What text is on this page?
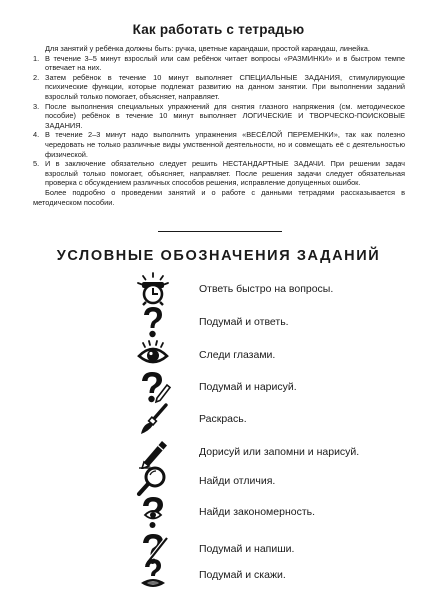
Как работать с тетрадью

Для занятий у ребёнка должны быть: ручка, цветные карандаши, простой карандаш, линейка.

1. В течение 3–5 минут взрослый или сам ребёнок читает вопросы «РАЗМИНКИ» и в быстром темпе отвечает на них.
2. Затем ребёнок в течение 10 минут выполняет СПЕЦИАЛЬНЫЕ ЗАДАНИЯ, стимулирующие психические функции, которые подлежат развитию на данном занятии. При выполнении заданий взрослый только помогает, объясняет, направляет.
3. После выполнения специальных упражнений для снятия глазного напряжения (см. методическое пособие) ребёнок в течение 10 минут выполняет ЛОГИЧЕСКИЕ И ТВОРЧЕСКО-ПОИСКОВЫЕ ЗАДАНИЯ.
4. В течение 2–3 минут надо выполнить упражнения «ВЕСЁЛОЙ ПЕРЕМЕНКИ», так как полезно чередовать не только различные виды умственной деятельности, но и совмещать её с деятельностью физической.
5. И в заключение обязательно следует решить НЕСТАНДАРТНЫЕ ЗАДАЧИ. При решении задач взрослый только помогает, объясняет, направляет. После решения задачи следует обязательная проверка с обсуждением различных способов решения, исправление допущенных ошибок.

Более подробно о проведении занятий и о работе с данными тетрадями рассказывается в методическом пособии.

УСЛОВНЫЕ ОБОЗНАЧЕНИЯ ЗАДАНИЙ
Ответь быстро на вопросы.
Подумай и ответь.
Следи глазами.
Подумай и нарисуй.
Раскрась.
Дорисуй или запомни и нарисуй.
Найди отличия.
Найди закономерность.
Подумай и напиши.
Подумай и скажи.
